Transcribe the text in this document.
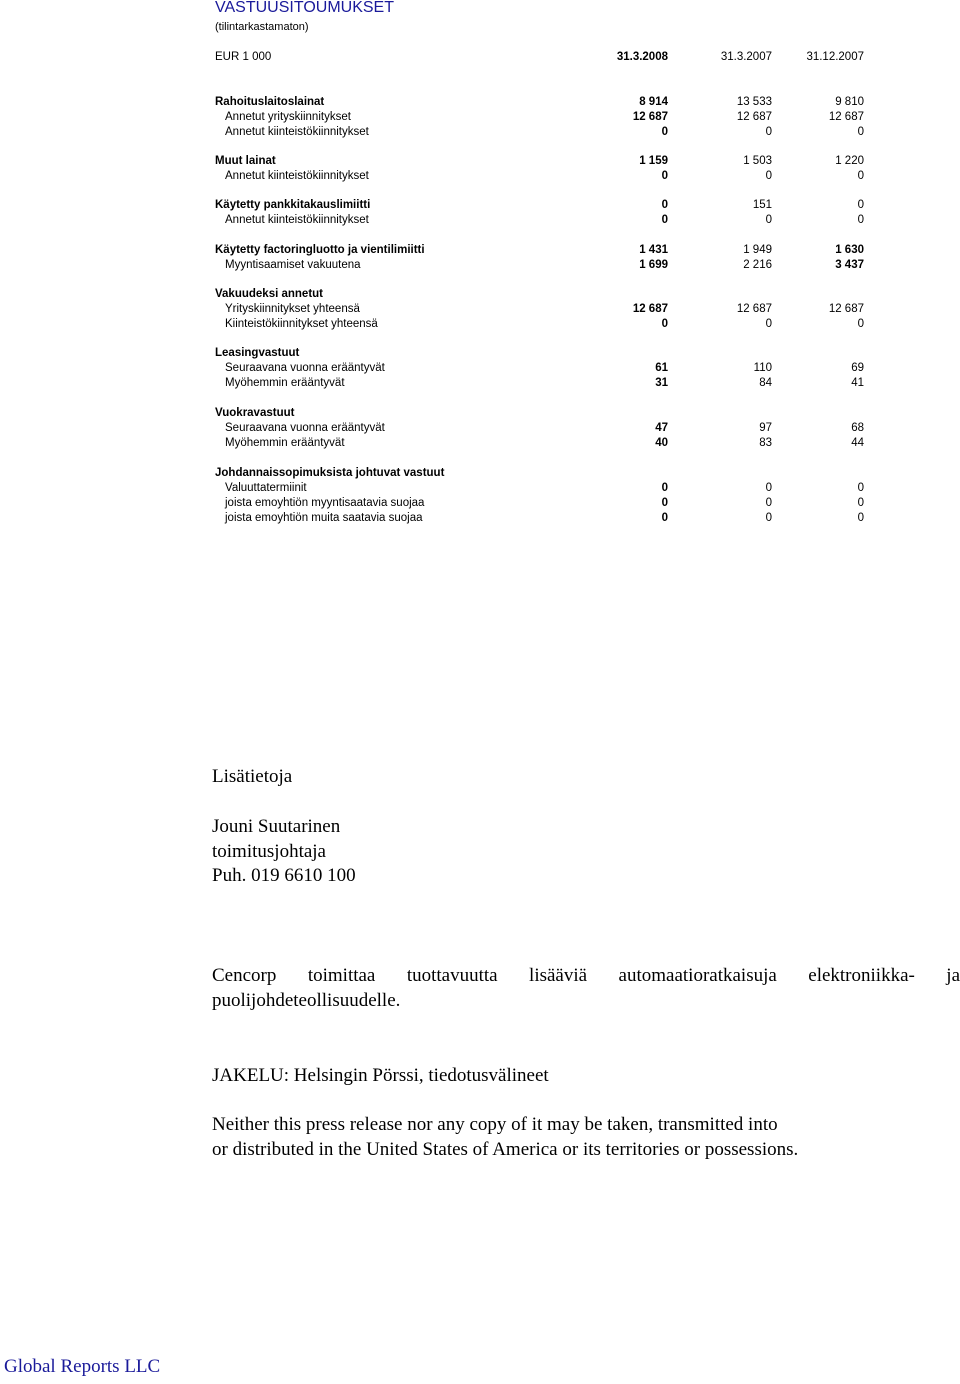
VASTUUSITOUMUKSET
(tilintarkastamaton)
EUR 1 000	31.3.2008	31.3.2007	31.12.2007
Rahoituslaitoslainat	8 914	13 533	9 810
Annetut yrityskiinnitykset	12 687	12 687	12 687
Annetut kiinteistökiinnitykset	0	0	0
Muut lainat	1 159	1 503	1 220
Annetut kiinteistökiinnitykset	0	0	0
Käytetty pankkitakauslimiitti	0	151	0
Annetut kiinteistökiinnitykset	0	0	0
Käytetty factoringluotto ja vientilimiitti	1 431	1 949	1 630
Myyntisaamiset vakuutena	1 699	2 216	3 437
Vakuudeksi annetut
Yrityskiinnitykset yhteensä	12 687	12 687	12 687
Kiinteistökiinnitykset yhteensä	0	0	0
Leasingvastuut
Seuraavana vuonna erääntyvät	61	110	69
Myöhemmin erääntyvät	31	84	41
Vuokravastuut
Seuraavana vuonna erääntyvät	47	97	68
Myöhemmin erääntyvät	40	83	44
Johdannaissopimuksista johtuvat vastuut
Valuuttatermiinit	0	0	0
joista emoyhtiön myyntisaatavia suojaa	0	0	0
joista emoyhtiön muita saatavia suojaa	0	0	0
Lisätietoja
Jouni Suutarinen
toimitusjohtaja
Puh. 019 6610 100
Cencorp toimittaa tuottavuutta lisääviä automaatioratkaisuja elektroniikka- ja
puolijohdeteollisuudelle.
JAKELU: Helsingin Pörssi, tiedotusvälineet
Neither this press release nor any copy of it may be taken, transmitted into
or distributed in the United States of America or its territories or possessions.
Global Reports LLC
